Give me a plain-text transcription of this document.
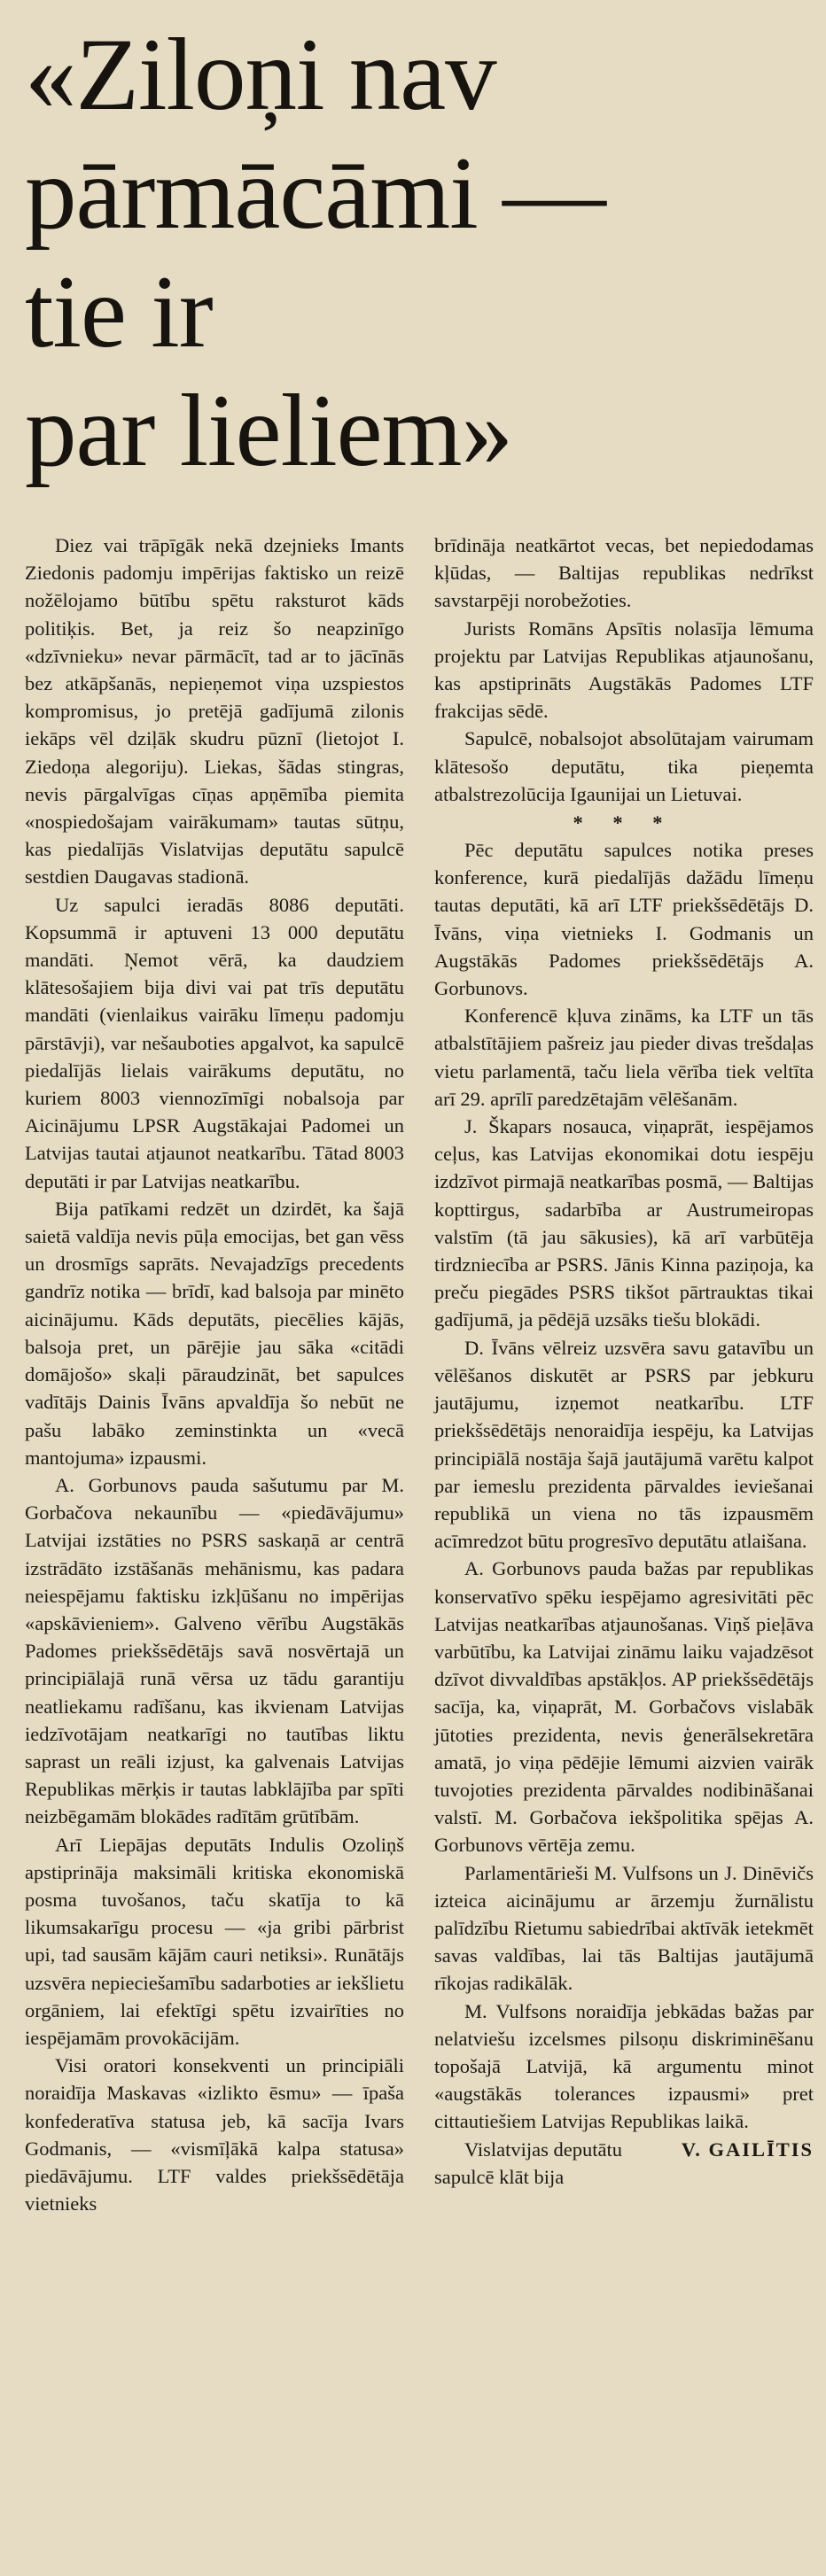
«Ziloņi nav
pārmācāmi —
tie ir
par lieliem»

Diez vai trāpīgāk nekā dzejnieks Imants Ziedonis padomju impērijas faktisko un reizē nožēlojamo būtību spētu raksturot kāds politiķis. Bet, ja reiz šo neapzinīgo «dzīvnieku» nevar pārmācīt, tad ar to jācīnās bez atkāpšanās, nepieņemot viņa uzspiestos kompromisus, jo pretējā gadījumā zilonis iekāps vēl dziļāk skudru pūznī (lietojot I. Ziedoņa alegoriju). Liekas, šādas stingras, nevis pārgalvīgas cīņas apņēmība piemita «nospiedošajam vairākumam» tautas sūtņu, kas piedalījās Vislatvijas deputātu sapulcē sestdien Daugavas stadionā.

Uz sapulci ieradās 8086 deputāti. Kopsummā ir aptuveni 13 000 deputātu mandāti. Ņemot vērā, ka daudziem klātesošajiem bija divi vai pat trīs deputātu mandāti (vienlaikus vairāku līmeņu padomju pārstāvji), var nešauboties apgalvot, ka sapulcē piedalījās lielais vairākums deputātu, no kuriem 8003 viennozīmīgi nobalsoja par Aicinājumu LPSR Augstākajai Padomei un Latvijas tautai atjaunot neatkarību. Tātad 8003 deputāti ir par Latvijas neatkarību.

Bija patīkami redzēt un dzirdēt, ka šajā saietā valdīja nevis pūļa emocijas, bet gan vēss un drosmīgs saprāts. Nevajadzīgs precedents gandrīz notika — brīdī, kad balsoja par minēto aicinājumu. Kāds deputāts, piecēlies kājās, balsoja pret, un pārējie jau sāka «citādi domājošo» skaļi pāraudzināt, bet sapulces vadītājs Dainis Īvāns apvaldīja šo nebūt ne pašu labāko zeminstinkta un «vecā mantojuma» izpausmi.

A. Gorbunovs pauda sašutumu par M. Gorbačova nekaunību — «piedāvājumu» Latvijai izstāties no PSRS saskaņā ar centrā izstrādāto izstāšanās mehānismu, kas padara neiespējamu faktisku izkļūšanu no impērijas «apskāvieniem». Galveno vērību Augstākās Padomes priekšsēdētājs savā nosvērtajā un principiālajā runā vērsa uz tādu garantiju neatliekamu radīšanu, kas ikvienam Latvijas iedzīvotājam neatkarīgi no tautības liktu saprast un reāli izjust, ka galvenais Latvijas Republikas mērķis ir tautas labklājība par spīti neizbēgamām blokādes radītām grūtībām.

Arī Liepājas deputāts Indulis Ozoliņš apstiprināja maksimāli kritiska ekonomiskā posma tuvošanos, taču skatīja to kā likumsakarīgu procesu — «ja gribi pārbrist upi, tad sausām kājām cauri netiksi». Runātājs uzsvēra nepieciešamību sadarboties ar iekšlietu orgāniem, lai efektīgi spētu izvairīties no iespējamām provokācijām.

Visi oratori konsekventi un principiāli noraidīja Maskavas «izlikto ēsmu» — īpaša konfederatīva statusa jeb, kā sacīja Ivars Godmanis, — «vismīļākā kalpa statusa» piedāvājumu. LTF valdes priekšsēdētāja vietnieks

brīdināja neatkārtot vecas, bet nepiedodamas kļūdas, — Baltijas republikas nedrīkst savstarpēji norobežoties.

Jurists Romāns Apsītis nolasīja lēmuma projektu par Latvijas Republikas atjaunošanu, kas apstiprināts Augstākās Padomes LTF frakcijas sēdē.

Sapulcē, nobalsojot absolūtajam vairumam klātesošo deputātu, tika pieņemta atbalstrezolūcija Igaunijai un Lietuvai.

* * *

Pēc deputātu sapulces notika preses konference, kurā piedalījās dažādu līmeņu tautas deputāti, kā arī LTF priekšsēdētājs D. Īvāns, viņa vietnieks I. Godmanis un Augstākās Padomes priekšsēdētājs A. Gorbunovs.

Konferencē kļuva zināms, ka LTF un tās atbalstītājiem pašreiz jau pieder divas trešdaļas vietu parlamentā, taču liela vērība tiek veltīta arī 29. aprīlī paredzētajām vēlēšanām.

J. Škapars nosauca, viņaprāt, iespējamos ceļus, kas Latvijas ekonomikai dotu iespēju izdzīvot pirmajā neatkarības posmā, — Baltijas kopttirgus, sadarbība ar Austrumeiropas valstīm (tā jau sākusies), kā arī varbūtēja tirdzniecība ar PSRS. Jānis Kinna paziņoja, ka preču piegādes PSRS tikšot pārtrauktas tikai gadījumā, ja pēdējā uzsāks tiešu blokādi.

D. Īvāns vēlreiz uzsvēra savu gatavību un vēlēšanos diskutēt ar PSRS par jebkuru jautājumu, izņemot neatkarību. LTF priekšsēdētājs nenoraidīja iespēju, ka Latvijas principiālā nostāja šajā jautājumā varētu kalpot par iemeslu prezidenta pārvaldes ieviešanai republikā un viena no tās izpausmēm acīmredzot būtu progresīvo deputātu atlaišana.

A. Gorbunovs pauda bažas par republikas konservatīvo spēku iespējamo agresivitāti pēc Latvijas neatkarības atjaunošanas. Viņš pieļāva varbūtību, ka Latvijai zināmu laiku vajadzēsot dzīvot divvaldības apstākļos. AP priekšsēdētājs sacīja, ka, viņaprāt, M. Gorbačovs vislabāk jūtoties prezidenta, nevis ģenerālsekretāra amatā, jo viņa pēdējie lēmumi aizvien vairāk tuvojoties prezidenta pārvaldes nodibināšanai valstī. M. Gorbačova iekšpolitika spējas A. Gorbunovs vērtēja zemu.

Parlamentārieši M. Vulfsons un J. Dinēvičs izteica aicinājumu ar ārzemju žurnālistu palīdzību Rietumu sabiedrībai aktīvāk ietekmēt savas valdības, lai tās Baltijas jautājumā rīkojas radikālāk.

M. Vulfsons noraidīja jebkādas bažas par nelatviešu izcelsmes pilsoņu diskriminēšanu topošajā Latvijā, kā argumentu minot «augstākās tolerances izpausmi» pret cittautiešiem Latvijas Republikas laikā.

Vislatvijas deputātu sapulcē klāt bija
V. GAILĪTIS
